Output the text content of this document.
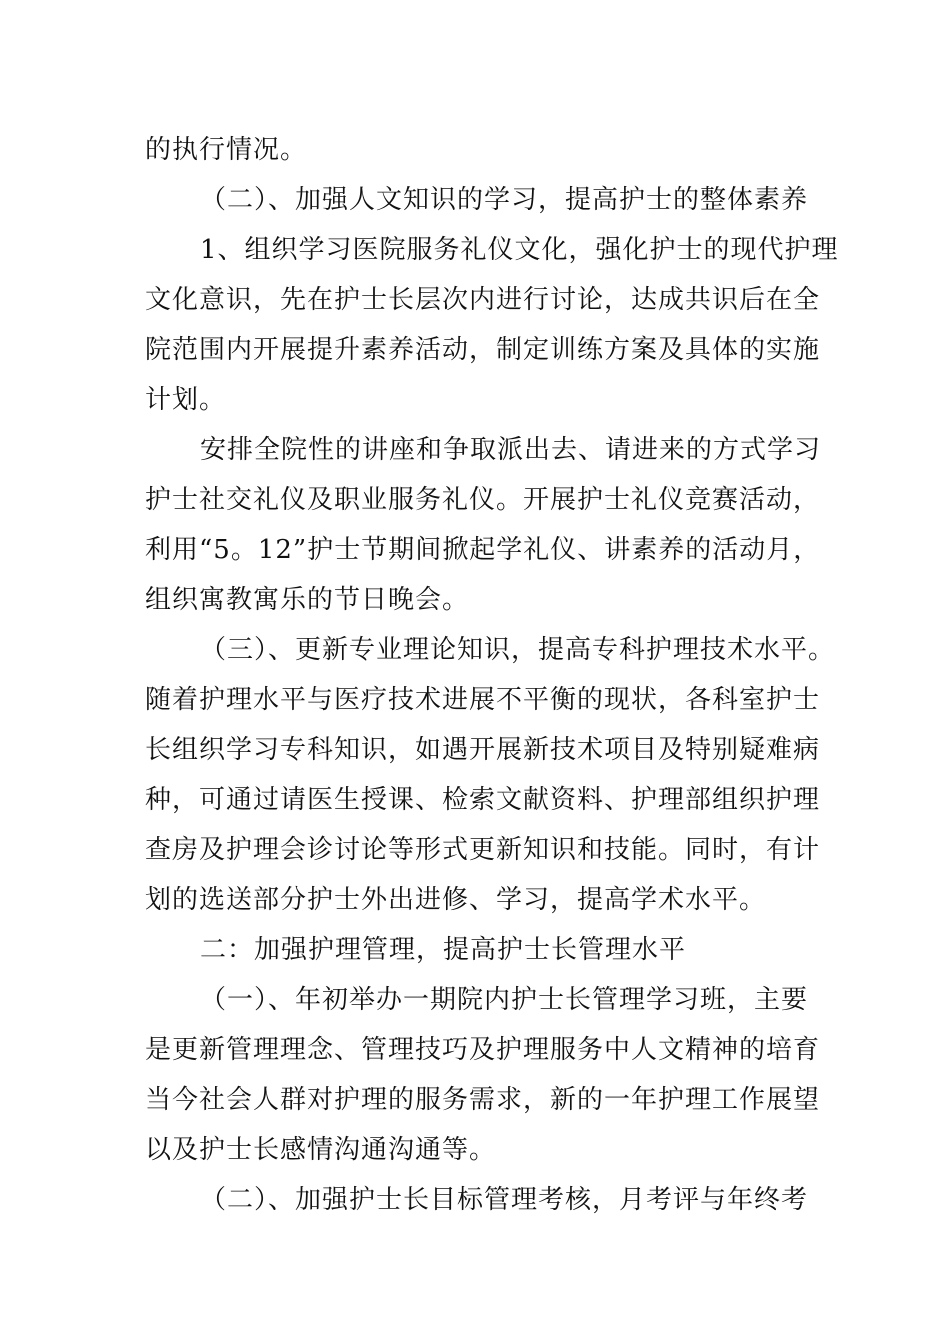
的执行情况。
（二）、加强人文知识的学习，提高护士的整体素养
1、组织学习医院服务礼仪文化，强化护士的现代护理
文化意识，先在护士长层次内进行讨论，达成共识后在全
院范围内开展提升素养活动，制定训练方案及具体的实施
计划。
安排全院性的讲座和争取派出去、请进来的方式学习
护士社交礼仪及职业服务礼仪。开展护士礼仪竞赛活动，
利用“5。12”护士节期间掀起学礼仪、讲素养的活动月，
组织寓教寓乐的节日晚会。
（三）、更新专业理论知识，提高专科护理技术水平。
随着护理水平与医疗技术进展不平衡的现状，各科室护士
长组织学习专科知识，如遇开展新技术项目及特别疑难病
种，可通过请医生授课、检索文献资料、护理部组织护理
查房及护理会诊讨论等形式更新知识和技能。同时，有计
划的选送部分护士外出进修、学习，提高学术水平。
二：加强护理管理，提高护士长管理水平
（一）、年初举办一期院内护士长管理学习班，主要
是更新管理理念、管理技巧及护理服务中人文精神的培育
当今社会人群对护理的服务需求，新的一年护理工作展望
以及护士长感情沟通沟通等。
（二）、加强护士长目标管理考核，月考评与年终考
